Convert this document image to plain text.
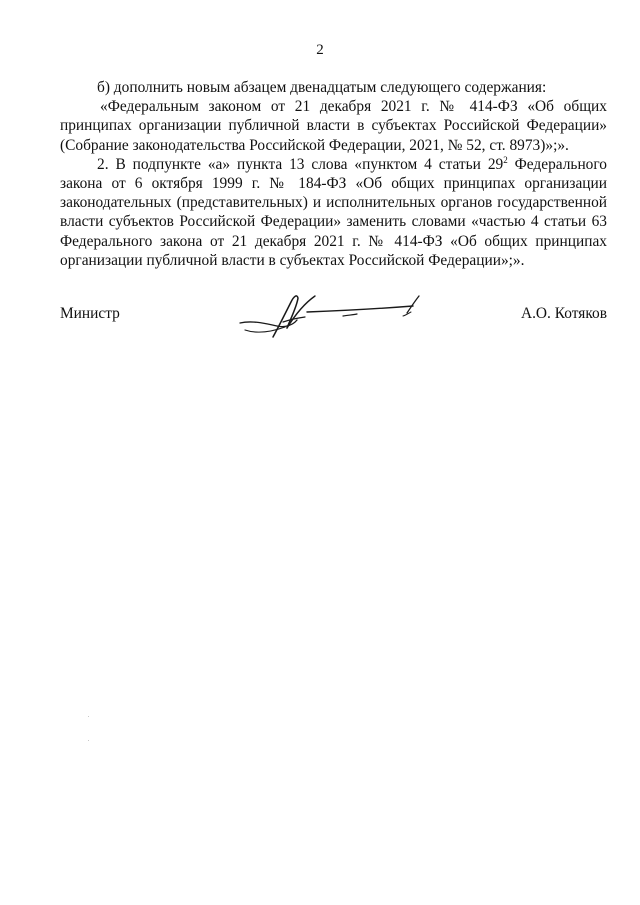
2

б) дополнить новым абзацем двенадцатым следующего содержания:

«Федеральным законом от 21 декабря 2021 г. № 414-ФЗ «Об общих принципах организации публичной власти в субъектах Российской Федерации» (Собрание законодательства Российской Федерации, 2021, № 52, ст. 8973)»;».

2. В подпункте «а» пункта 13 слова «пунктом 4 статьи $29^2$ Федерального закона от 6 октября 1999 г. № 184-ФЗ «Об общих принципах организации законодательных (представительных) и исполнительных органов государственной власти субъектов Российской Федерации» заменить словами «частью 4 статьи 63 Федерального закона от 21 декабря 2021 г. № 414-ФЗ «Об общих принципах организации публичной власти в субъектах Российской Федерации»;».

Министр	А.О. Котяков
